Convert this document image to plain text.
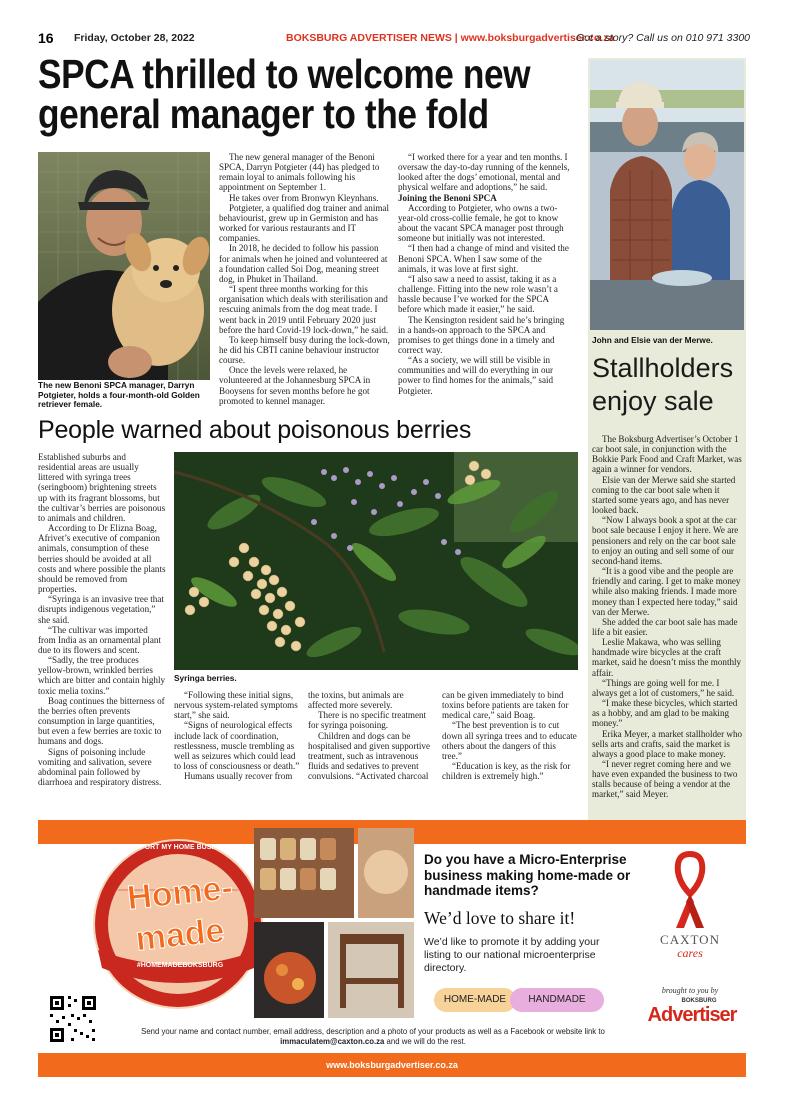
16 Friday, October 28, 2022	BOKSBURG ADVERTISER NEWS | www.boksburgadvertiser.co.za
Got a story? Call us on 010 971 3300
SPCA thrilled to welcome new
general manager to the fold
The new Benoni SPCA manager, Darryn Potgieter, holds a four-month-old Golden retriever female.

The new general manager of the Benoni SPCA, Darryn Potgieter (44) has pledged to remain loyal to animals following his appointment on September 1.

He takes over from Bronwyn Kleynhans.

Potgieter, a qualified dog trainer and animal behaviourist, grew up in Germiston and has worked for various restaurants and IT companies.

In 2018, he decided to follow his passion for animals when he joined and volunteered at a foundation called Soi Dog, meaning street dog, in Phuket in Thailand.

“I spent three months working for this organisation which deals with sterilisation and rescuing animals from the dog meat trade. I went back in 2019 until February 2020 just before the hard Covid-19 lock-down,” he said.

To keep himself busy during the lock-down, he did his CBTI canine behaviour instructor course.

Once the levels were relaxed, he volunteered at the Johannesburg SPCA in Booysens for seven months before he got promoted to kennel manager.

“I worked there for a year and ten months. I oversaw the day-to-day running of the kennels, looked after the dogs’ emotional, mental and physical welfare and adoptions,” he said.

Joining the Benoni SPCA

According to Potgieter, who owns a two-year-old cross-collie female, he got to know about the vacant SPCA manager post through someone but initially was not interested.

“I then had a change of mind and visited the Benoni SPCA. When I saw some of the animals, it was love at first sight.

“I also saw a need to assist, taking it as a challenge. Fitting into the new role wasn’t a hassle because I’ve worked for the SPCA before which made it easier,” he said.

The Kensington resident said he’s bringing in a hands-on approach to the SPCA and promises to get things done in a timely and correct way.

“As a society, we will still be visible in communities and will do everything in our power to find homes for the animals,” said Potgieter.

John and Elsie van der Merwe.
Stallholders
enjoy sale

The Boksburg Advertiser’s October 1 car boot sale, in conjunction with the Bokkie Park Food and Craft Market, was again a winner for vendors.

Elsie van der Merwe said she started coming to the car boot sale when it started some years ago, and has never looked back.

“Now I always book a spot at the car boot sale because I enjoy it here. We are pensioners and rely on the car boot sale to enjoy an outing and sell some of our second-hand items.

“It is a good vibe and the people are friendly and caring. I get to make money while also making friends. I made more money than I expected here today,” said van der Merwe.

She added the car boot sale has made life a bit easier.

Leslie Makawa, who was selling handmade wire bicycles at the craft market, said he doesn’t miss the monthly affair.

“Things are going well for me. I always get a lot of customers,” he said.

“I make these bicycles, which started as a hobby, and am glad to be making money.”

Erika Meyer, a market stallholder who sells arts and crafts, said the market is always a good place to make money.

“I never regret coming here and we have even expanded the business to two stalls because of being a vendor at the market,” said Meyer.

People warned about poisonous berries

Established suburbs and residential areas are usually littered with syringa trees (seringboom) brightening streets up with its fragrant blossoms, but the cultivar’s berries are poisonous to animals and children.

According to Dr Elizna Boag, Afrivet’s executive of companion animals, consumption of these berries should be avoided at all costs and where possible the plants should be removed from properties.

“Syringa is an invasive tree that disrupts indigenous vegetation,” she said.

“The cultivar was imported from India as an ornamental plant due to its flowers and scent.

“Sadly, the tree produces yellow-brown, wrinkled berries which are bitter and contain highly toxic melia toxins.”

Boag continues the bitterness of the berries often prevents consumption in large quantities, but even a few berries are toxic to humans and dogs.

Signs of poisoning include vomiting and salivation, severe abdominal pain followed by diarrhoea and respiratory distress.

Syringa berries.

“Following these initial signs, nervous system-related symptoms start,” she said.

“Signs of neurological effects include lack of coordination, restlessness, muscle trembling as well as seizures which could lead to loss of consciousness or death.”

Humans usually recover from

the toxins, but animals are affected more severely.

There is no specific treatment for syringa poisoning.

Children and dogs can be hospitalised and given supportive treatment, such as intravenous fluids and sedatives to prevent convulsions. “Activated charcoal

can be given immediately to bind toxins before patients are taken for medical care,” said Boag.

“The best prevention is to cut down all syringa trees and to educate others about the dangers of this tree.”

“Education is key, as the risk for children is extremely high.”

SUPPORT MY HOME BUSINESS
Home-
made
#HOMEMADEBOKSBURG
Do you have a Micro-Enterprise business making home-made or handmade items?
We’d love to share it!
We’d like to promote it by adding your listing to our national microenterprise directory.
HOME-MADE	HANDMADE
CAXTON
cares
brought to you by
BOKSBURG
Advertiser
Send your name and contact number, email address, description and a photo of your products as well as a Facebook or website link to immaculatem@caxton.co.za and we will do the rest.
www.boksburgadvertiser.co.za
